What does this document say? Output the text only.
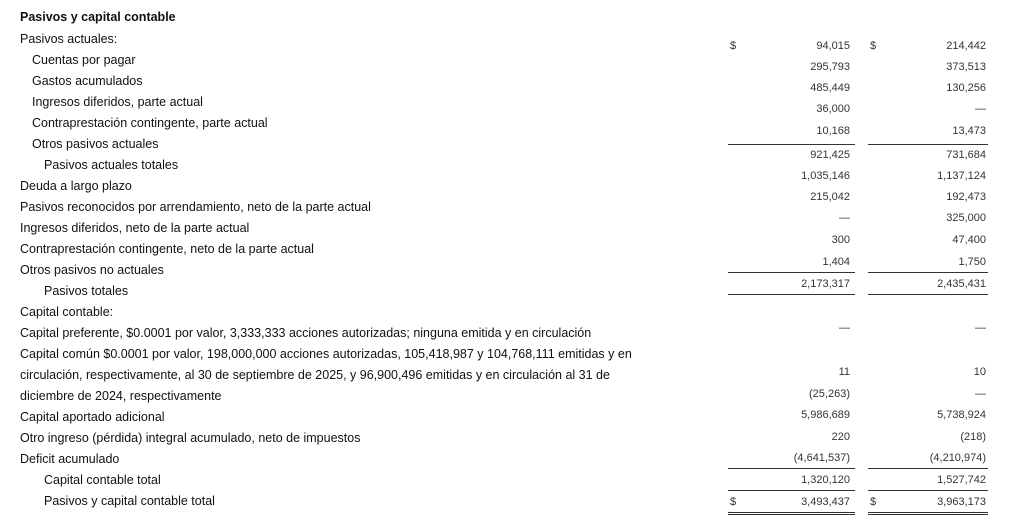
Pasivos y capital contable
Pasivos actuales:
Cuentas por pagar
Gastos acumulados
Ingresos diferidos, parte actual
Contraprestación contingente, parte actual
Otros pasivos actuales
Pasivos actuales totales
Deuda a largo plazo
Pasivos reconocidos por arrendamiento, neto de la parte actual
Ingresos diferidos, neto de la parte actual
Contraprestación contingente, neto de la parte actual
Otros pasivos no actuales
Pasivos totales
Capital contable:
Capital preferente, $0.0001 por valor, 3,333,333 acciones autorizadas; ninguna emitida y en circulación
Capital común $0.0001 por valor, 198,000,000 acciones autorizadas, 105,418,987 y 104,768,111 emitidas y en
circulación, respectivamente, al 30 de septiembre de 2025, y 96,900,496 emitidas y en circulación al 31 de
diciembre de 2024, respectivamente
Capital aportado adicional
Otro ingreso (pérdida) integral acumulado, neto de impuestos
Deficit acumulado
Capital contable total
Pasivos y capital contable total
$	$
$	$
94,015
295,793
485,449
36,000
10,168
921,425
1,035,146
215,042
—
300
1,404
2,173,317
—
11
(25,263)
5,986,689
220
(4,641,537)
1,320,120
3,493,437
214,442
373,513
130,256
—
13,473
731,684
1,137,124
192,473
325,000
47,400
1,750
2,435,431
—
10
—
5,738,924
(218)
(4,210,974)
1,527,742
3,963,173
